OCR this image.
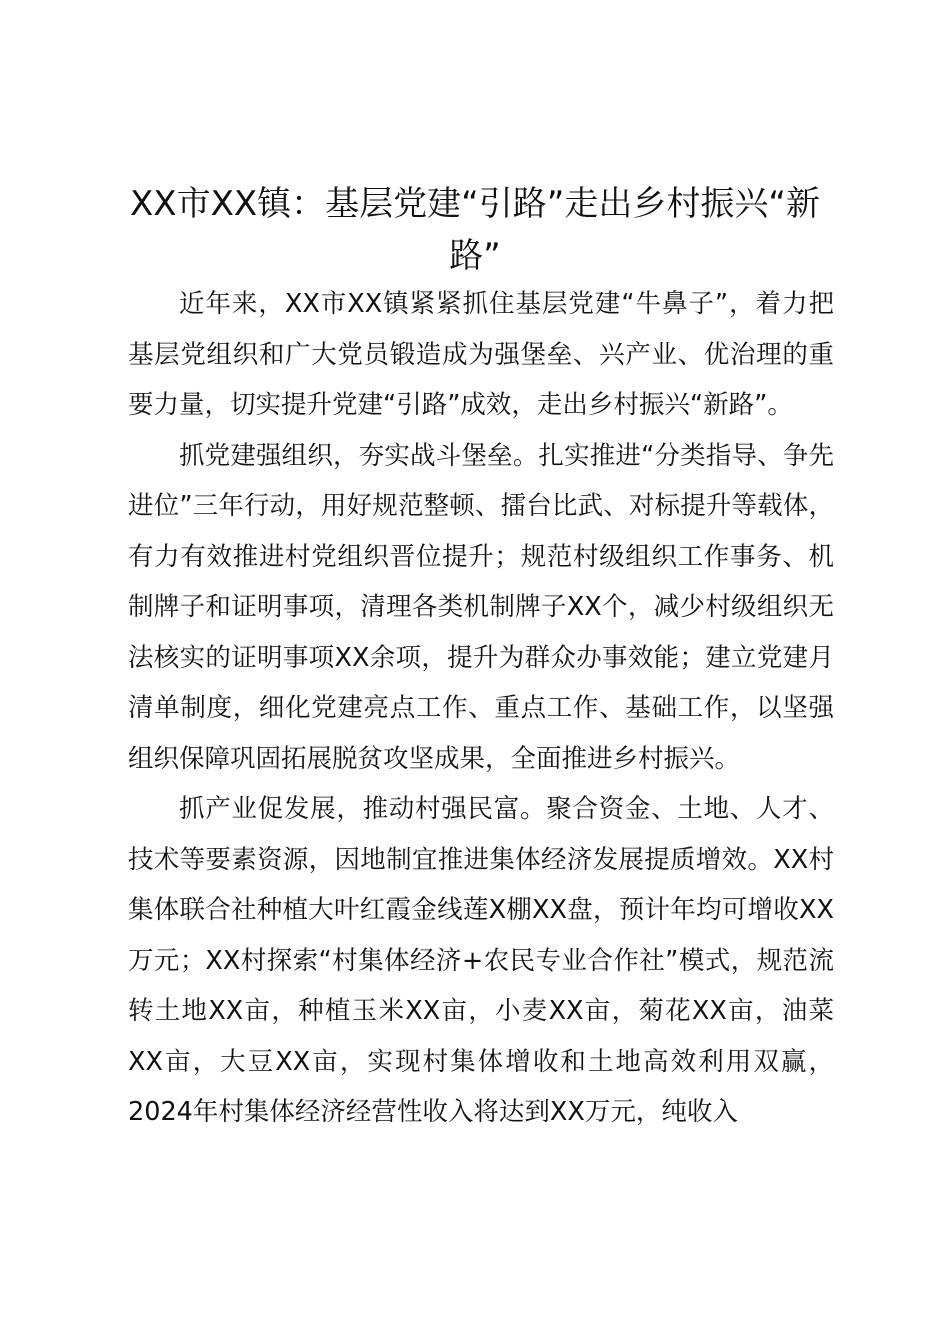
XX市XX镇：基层党建“引路”走出乡村振兴“新路”

近年来，XX市XX镇紧紧抓住基层党建“牛鼻子”，着力把基层党组织和广大党员锻造成为强堡垒、兴产业、优治理的重要力量，切实提升党建“引路”成效，走出乡村振兴“新路”。

抓党建强组织，夯实战斗堡垒。扎实推进“分类指导、争先进位”三年行动，用好规范整顿、擂台比武、对标提升等载体，有力有效推进村党组织晋位提升；规范村级组织工作事务、机制牌子和证明事项，清理各类机制牌子XX个，减少村级组织无法核实的证明事项XX余项，提升为群众办事效能；建立党建月清单制度，细化党建亮点工作、重点工作、基础工作，以坚强组织保障巩固拓展脱贫攻坚成果，全面推进乡村振兴。

抓产业促发展，推动村强民富。聚合资金、土地、人才、技术等要素资源，因地制宜推进集体经济发展提质增效。XX村集体联合社种植大叶红霞金线莲X棚XX盘，预计年均可增收XX万元；XX村探索“村集体经济+农民专业合作社”模式，规范流转土地XX亩，种植玉米XX亩，小麦XX亩，菊花XX亩，油菜XX亩，大豆XX亩，实现村集体增收和土地高效利用双赢，2024年村集体经济经营性收入将达到XX万元，纯收入
